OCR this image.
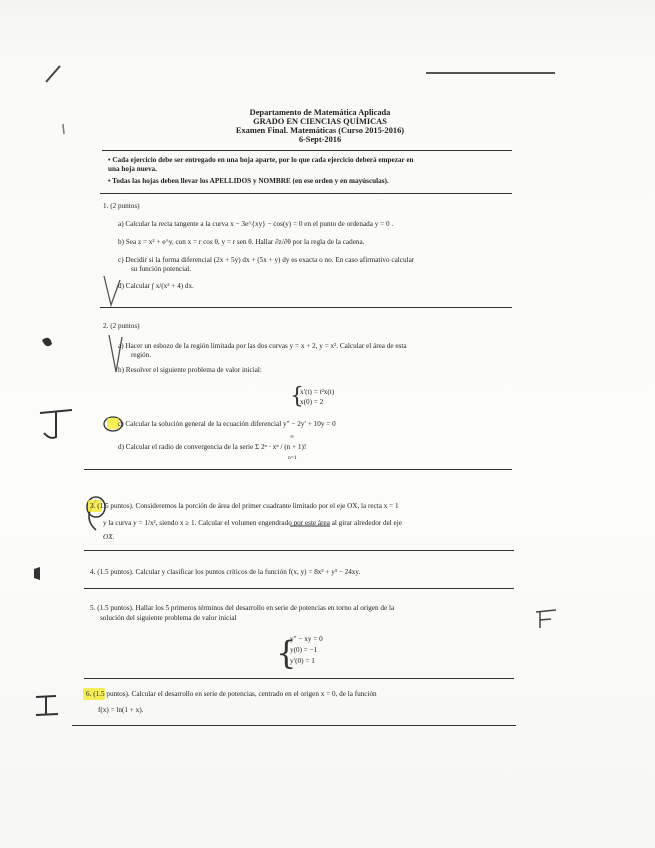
Departamento de Matemática Aplicada
GRADO EN CIENCIAS QUÍMICAS
Examen Final. Matemáticas (Curso 2015-2016)
6-Sept-2016
• Cada ejercicio debe ser entregado en una hoja aparte, por lo que cada ejercicio deberá empezar en
una hoja nueva.
• Todas las hojas deben llevar los APELLIDOS y NOMBRE (en ese orden y en mayúsculas).
1. (2 puntos)
a) Calcular la recta tangente a la curva x − 3e^{xy} − cos(y) = 0 en el punto de ordenada y = 0 .
b) Sea z = x² + e^y, con x = r cos θ, y = r sen θ. Hallar ∂z/∂θ por la regla de la cadena.
c) Decidir si la forma diferencial (2x + 5y) dx + (5x + y) dy es exacta o no. En caso afirmativo calcular
su función potencial.
d) Calcular ∫ x/(x² + 4) dx.
2. (2 puntos)
a) Hacer un esbozo de la región limitada por las dos curvas y = x + 2, y = x². Calcular el área de esta
región.
b) Resolver el siguiente problema de valor inicial:
{
x′(t) = t²x(t)
x(0) = 2
c) Calcular la solución general de la ecuación diferencial y″ − 2y′ + 10y = 0
d) Calcular el radio de convergencia de la serie Σ 2ⁿ · xⁿ / (n + 1)!
∞
n=1
3. (1.5 puntos). Consideremos la porción de área del primer cuadrante limitado por el eje OX, la recta x = 1
y la curva y = 1/x², siendo x ≥ 1. Calcular el volumen engendrado por este área al girar alrededor del eje
OX.
4. (1.5 puntos). Calcular y clasificar los puntos críticos de la función f(x, y) = 8x³ + y³ − 24xy.
5. (1.5 puntos). Hallar los 5 primeros términos del desarrollo en serie de potencias en torno al origen de la
solución del siguiente problema de valor inicial
{
y″ − xy = 0
y(0) = −1
y′(0) = 1
6. (1.5 puntos). Calcular el desarrollo en serie de potencias, centrado en el origen x = 0, de la función
f(x) = ln(1 + x).
